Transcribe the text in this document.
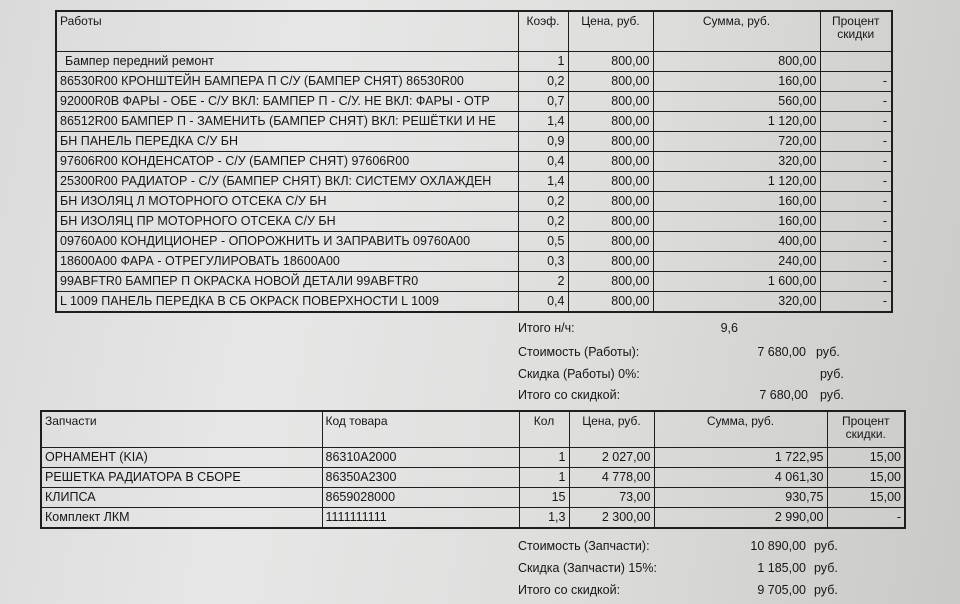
Работы	Коэф.	Цена, руб.	Сумма, руб.	Процент скидки
Бампер передний ремонт	1	800,00	800,00	
86530R00 КРОНШТЕЙН БАМПЕРА П С/У (БАМПЕР СНЯТ) 86530R00	0,2	800,00	160,00	-
92000R0B ФАРЫ - ОБЕ - С/У ВКЛ: БАМПЕР П - С/У. НЕ ВКЛ: ФАРЫ - ОТР	0,7	800,00	560,00	-
86512R00 БАМПЕР П - ЗАМЕНИТЬ (БАМПЕР СНЯТ) ВКЛ: РЕШЁТКИ И НЕ	1,4	800,00	1 120,00	-
БН ПАНЕЛЬ ПЕРЕДКА С/У БН	0,9	800,00	720,00	-
97606R00 КОНДЕНСАТОР - С/У (БАМПЕР СНЯТ) 97606R00	0,4	800,00	320,00	-
25300R00 РАДИАТОР - С/У (БАМПЕР СНЯТ) ВКЛ: СИСТЕМУ ОХЛАЖДЕН	1,4	800,00	1 120,00	-
БН ИЗОЛЯЦ Л МОТОРНОГО ОТСЕКА С/У БН	0,2	800,00	160,00	-
БН ИЗОЛЯЦ ПР МОТОРНОГО ОТСЕКА С/У БН	0,2	800,00	160,00	-
09760A00 КОНДИЦИОНЕР - ОПОРОЖНИТЬ И ЗАПРАВИТЬ 09760A00	0,5	800,00	400,00	-
18600A00 ФАРА - ОТРЕГУЛИРОВАТЬ 18600A00	0,3	800,00	240,00	-
99ABFTR0 БАМПЕР П ОКРАСКА НОВОЙ ДЕТАЛИ 99ABFTR0	2	800,00	1 600,00	-
L 1009 ПАНЕЛЬ ПЕРЕДКА В СБ ОКРАСК ПОВЕРХНОСТИ L 1009	0,4	800,00	320,00	-
Итого н/ч:	9,6
Стоимость (Работы):	7 680,00 руб.
Скидка (Работы) 0%:	руб.
Итого со скидкой:	7 680,00 руб.
Запчасти	Код товара	Кол	Цена, руб.	Сумма, руб.	Процент скидки.
ОРНАМЕНТ (KIA)	86310A2000	1	2 027,00	1 722,95	15,00
РЕШЕТКА РАДИАТОРА В СБОРЕ	86350A2300	1	4 778,00	4 061,30	15,00
КЛИПСА	8659028000	15	73,00	930,75	15,00
Комплект ЛКМ	1111111111	1,3	2 300,00	2 990,00	-
Стоимость (Запчасти):	10 890,00 руб.
Скидка (Запчасти) 15%:	1 185,00 руб.
Итого со скидкой:	9 705,00 руб.
